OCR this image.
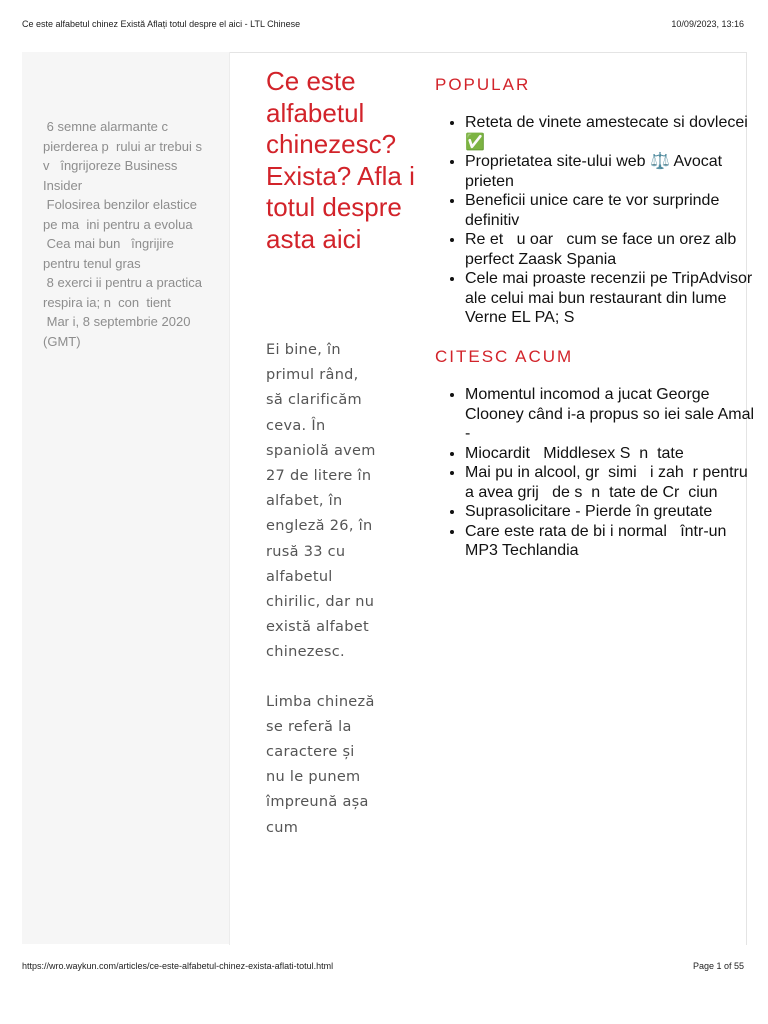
Ce este alfabetul chinez Există Aflați totul despre el aici - LTL Chinese	10/09/2023, 13:16
6 semne alarmante c   pierderea p  rului ar trebui s   v   îngrijoreze Business Insider
Folosirea benzilor elastice pe ma  ini pentru a evolua
Cea mai bun   îngrijire pentru tenul gras
8 exerci ii pentru a practica respira ia; n  con  tient
Mar i, 8 septembrie 2020 (GMT)
Ce este alfabetul chinezesc? Exista? Afla i totul despre asta aici

Ei bine, în primul rând, să clarificăm ceva. În spaniolă avem 27 de litere în alfabet, în engleză 26, în rusă 33 cu alfabetul chirilic, dar nu există alfabet chinezesc.

Limba chineză se referă la caractere și nu le punem împreună așa cum

POPULAR
• Reteta de vinete amestecate si dovlecei ✅
• Proprietatea site-ului web ⚖️ Avocat prieten
• Beneficii unice care te vor surprinde definitiv
• Re et   u oar   cum se face un orez alb perfect Zaask Spania
• Cele mai proaste recenzii pe TripAdvisor ale celui mai bun restaurant din lume Verne EL PA; S
CITESC ACUM
• Momentul incomod a jucat George Clooney când i-a propus so iei sale Amal -
• Miocardit   Middlesex S  n  tate
• Mai pu in alcool, gr  simi   i zah  r pentru a avea grij   de s  n  tate de Cr  ciun
• Suprasolicitare - Pierde în greutate
• Care este rata de bi i normal   într-un MP3 Techlandia
https://wro.waykun.com/articles/ce-este-alfabetul-chinez-exista-aflati-totul.html	Page 1 of 55
